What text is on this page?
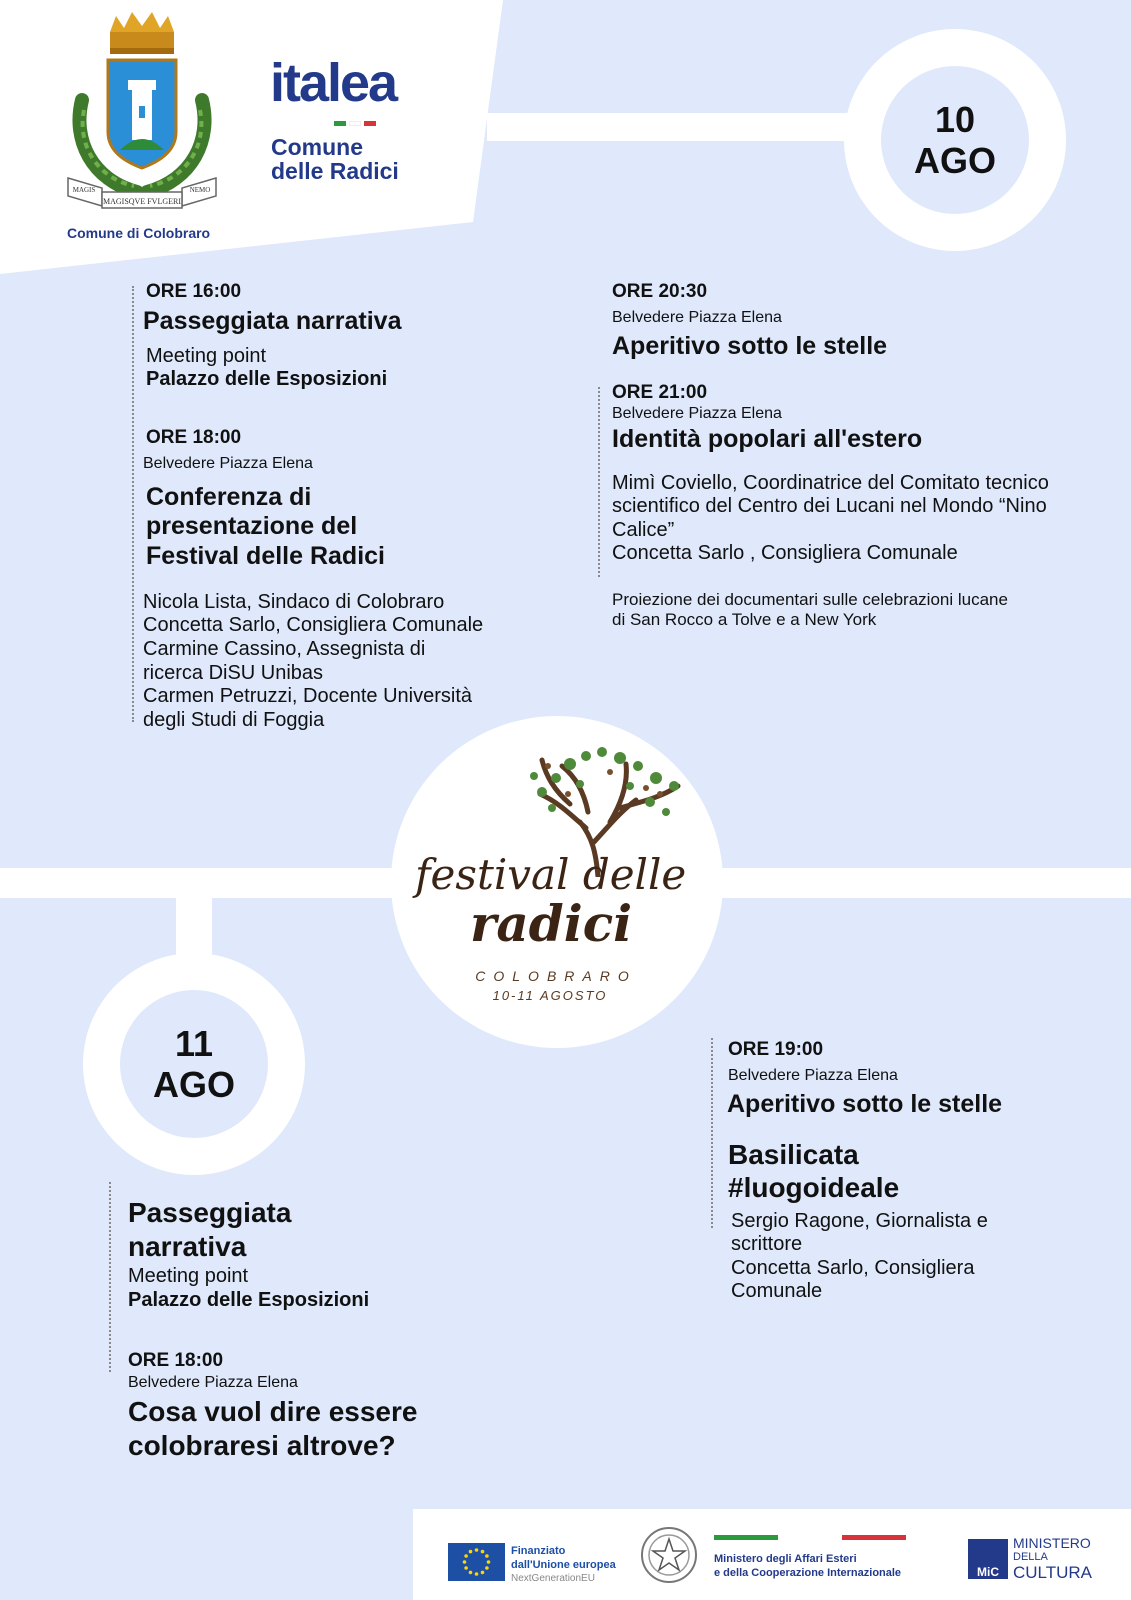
10
AGO
MAGISQVE FVLGERI
MAGIS	NEMO
Comune di Colobraro
italea
Comune
delle Radici

ORE 16:00

Passeggiata narrativa

Meeting point

Palazzo delle Esposizioni

ORE 18:00

Belvedere Piazza Elena

Conferenza di presentazione del Festival delle Radici

Nicola Lista, Sindaco di Colobraro

Concetta Sarlo, Consigliera Comunale

Carmine Cassino, Assegnista di ricerca DiSU Unibas

Carmen Petruzzi, Docente Università degli Studi di Foggia

ORE 20:30

Belvedere Piazza Elena

Aperitivo sotto le stelle

ORE 21:00

Belvedere Piazza Elena

Identità popolari all'estero

Mimì Coviello, Coordinatrice del Comitato tecnico scientifico del Centro dei Lucani nel Mondo “Nino Calice”

Concetta Sarlo , Consigliera Comunale

Proiezione dei documentari sulle celebrazioni lucane di San Rocco a Tolve e a New York

festival delle
radici
COLOBRARO
10-11 AGOSTO
11
AGO

Passeggiata narrativa

Meeting point

Palazzo delle Esposizioni

ORE 18:00

Belvedere Piazza Elena

Cosa vuol dire essere colobraresi altrove?

ORE 19:00

Belvedere Piazza Elena

Aperitivo sotto le stelle

Basilicata #luogoideale

Sergio Ragone, Giornalista e scrittore

Concetta Sarlo, Consigliera Comunale

Finanziato
dall'Unione europea
NextGenerationEU
Ministero degli Affari Esteri
e della Cooperazione Internazionale	MiC
MINISTERO
DELLA
CULTURA
